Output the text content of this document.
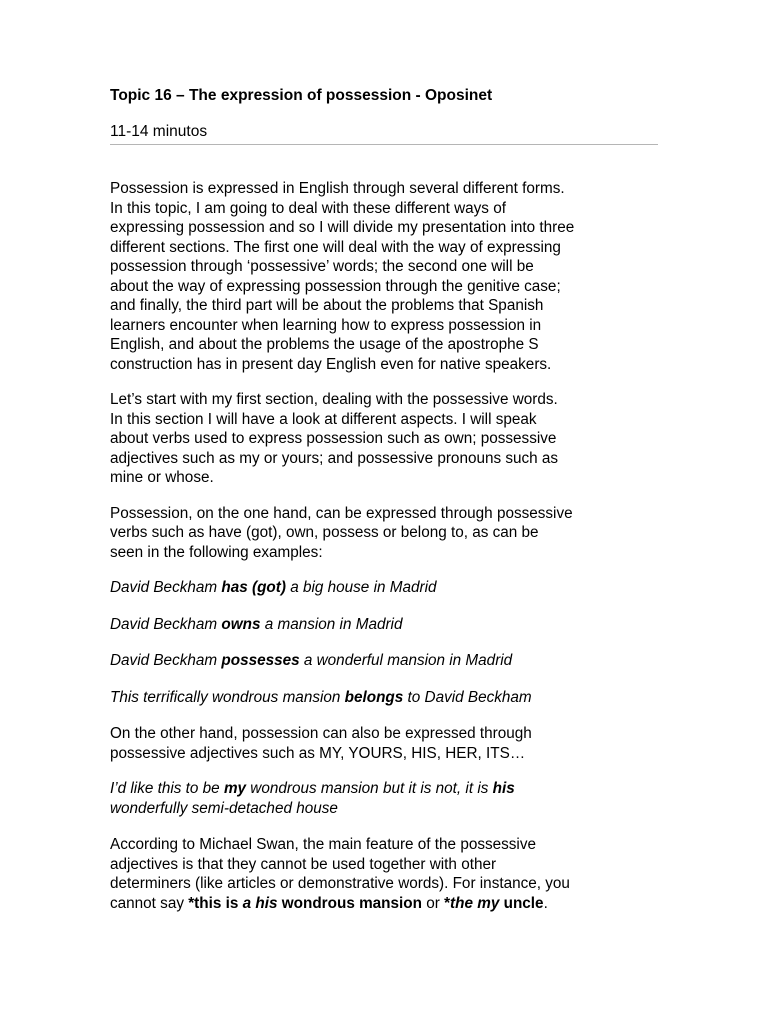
Topic 16 – The expression of possession - Oposinet
11-14 minutos
Possession is expressed in English through several different forms.
In this topic, I am going to deal with these different ways of
expressing possession and so I will divide my presentation into three
different sections. The first one will deal with the way of expressing
possession through ‘possessive’ words; the second one will be
about the way of expressing possession through the genitive case;
and finally, the third part will be about the problems that Spanish
learners encounter when learning how to express possession in
English, and about the problems the usage of the apostrophe S
construction has in present day English even for native speakers.
Let’s start with my first section, dealing with the possessive words.
In this section I will have a look at different aspects. I will speak
about verbs used to express possession such as own; possessive
adjectives such as my or yours; and possessive pronouns such as
mine or whose.
Possession, on the one hand, can be expressed through possessive
verbs such as have (got), own, possess or belong to, as can be
seen in the following examples:
David Beckham has (got) a big house in Madrid
David Beckham owns a mansion in Madrid
David Beckham possesses a wonderful mansion in Madrid
This terrifically wondrous mansion belongs to David Beckham
On the other hand, possession can also be expressed through
possessive adjectives such as MY, YOURS, HIS, HER, ITS…
I’d like this to be my wondrous mansion but it is not, it is his
wonderfully semi-detached house
According to Michael Swan, the main feature of the possessive
adjectives is that they cannot be used together with other
determiners (like articles or demonstrative words). For instance, you
cannot say *this is a his wondrous mansion or *the my uncle.
